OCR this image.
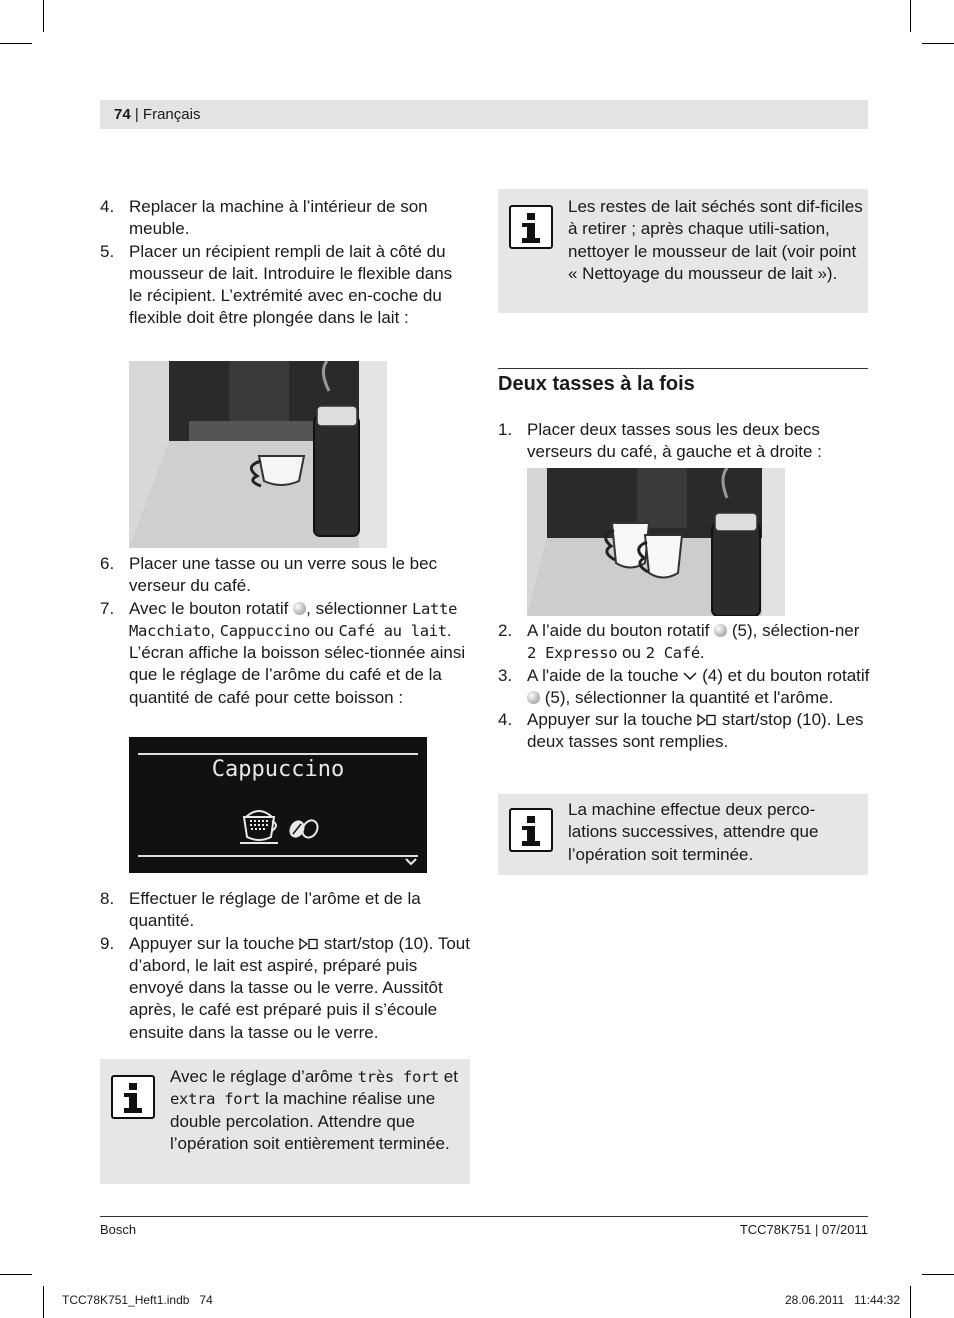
74 | Français
4. Replacer la machine à l’intérieur de son meuble.
5. Placer un récipient rempli de lait à côté du mousseur de lait. Introduire le flexible dans le récipient. L’extrémité avec en-coche du flexible doit être plongée dans le lait :
6. Placer une tasse ou un verre sous le bec verseur du café.
7. Avec le bouton rotatif , sélectionner Latte Macchiato, Cappuccino ou Café au lait. L’écran affiche la boisson sélec-tionnée ainsi que le réglage de l’arôme du café et de la quantité de café pour cette boisson :
Cappuccino
8. Effectuer le réglage de l’arôme et de la quantité.
9. Appuyer sur la touche  start/stop (10). Tout d’abord, le lait est aspiré, préparé puis envoyé dans la tasse ou le verre. Aussitôt après, le café est préparé puis il s’écoule ensuite dans la tasse ou le verre.
Avec le réglage d’arôme très fort et extra fort la machine réalise une double percolation. Attendre que l’opération soit entièrement terminée.
Les restes de lait séchés sont dif-ficiles à retirer ; après chaque utili-sation, nettoyer le mousseur de lait (voir point « Nettoyage du mousseur de lait »).
Deux tasses à la fois
1. Placer deux tasses sous les deux becs verseurs du café, à gauche et à droite :
2. A l’aide du bouton rotatif  (5), sélection-ner 2 Expresso ou 2 Café.
3. A l'aide de la touche  (4) et du bouton rotatif  (5), sélectionner la quantité et l'arôme.
4. Appuyer sur la touche  start/stop (10). Les deux tasses sont remplies.
La machine effectue deux perco-lations successives, attendre que l’opération soit terminée.
Bosch	TCC78K751 | 07/2011
TCC78K751_Heft1.indb   74	28.06.2011   11:44:32
